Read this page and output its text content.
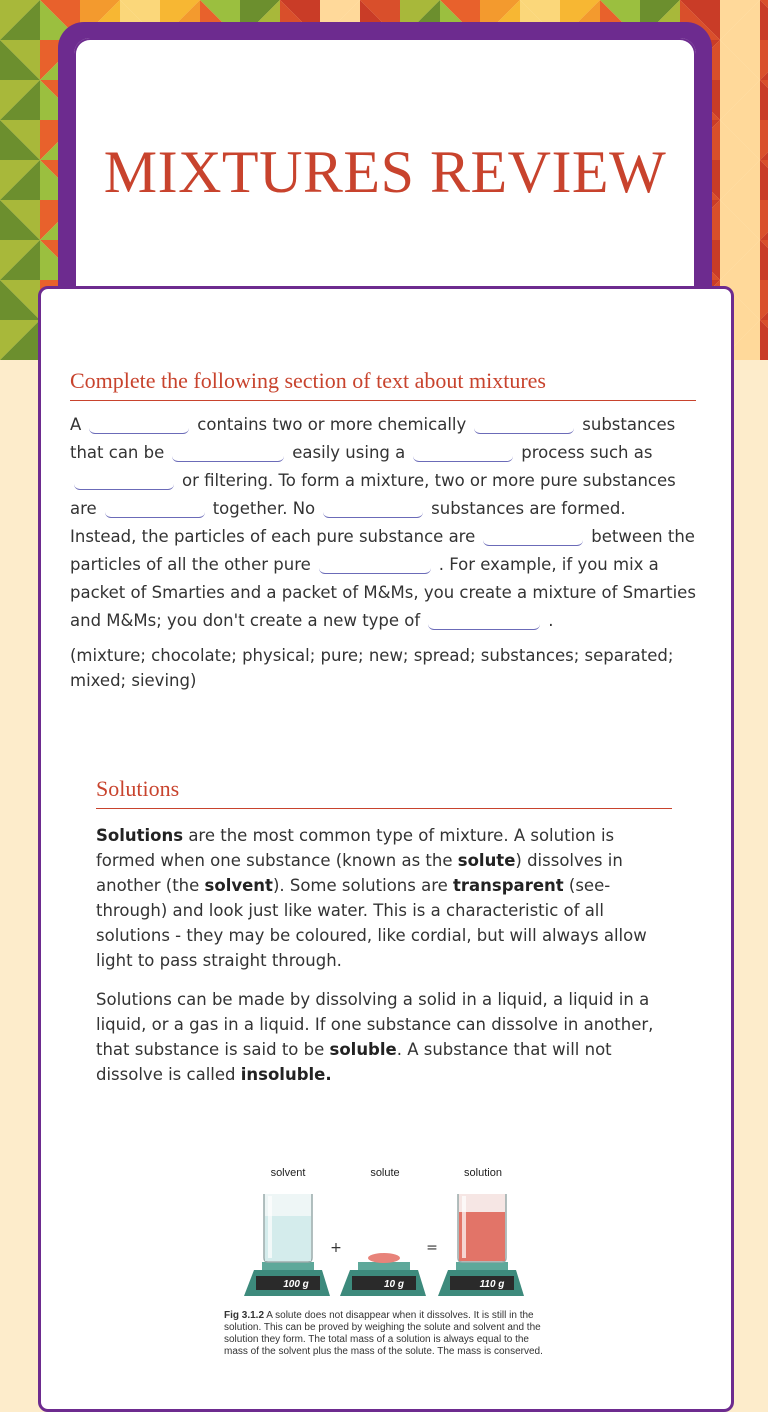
MIXTURES REVIEW
Complete the following section of text about mixtures
A	contains two or more chemically	substances that can be	easily using a	process such as or filtering. To form a mixture, two or more pure substances are	together. No	substances are formed. Instead, the particles of each pure substance are	between the particles of all the other pure	. For example, if you mix a packet of Smarties and a packet of M&Ms, you create a mixture of Smarties and M&Ms; you don't create a new type of	.
(mixture; chocolate; physical; pure; new; spread; substances; separated; mixed; sieving)
Solutions

Solutions are the most common type of mixture. A solution is formed when one substance (known as the solute) dissolves in another (the solvent). Some solutions are transparent (see-through) and look just like water. This is a characteristic of all solutions - they may be coloured, like cordial, but will always allow light to pass straight through.

Solutions can be made by dissolving a solid in a liquid, a liquid in a liquid, or a gas in a liquid. If one substance can dissolve in another, that substance is said to be soluble. A substance that will not dissolve is called insoluble.

solvent	solute	solution
100 g
+
10 g
=
110 g
Fig 3.1.2 A solute does not disappear when it dissolves. It is still in the solution. This can be proved by weighing the solute and solvent and the solution they form. The total mass of a solution is always equal to the mass of the solvent plus the mass of the solute. The mass is conserved.
